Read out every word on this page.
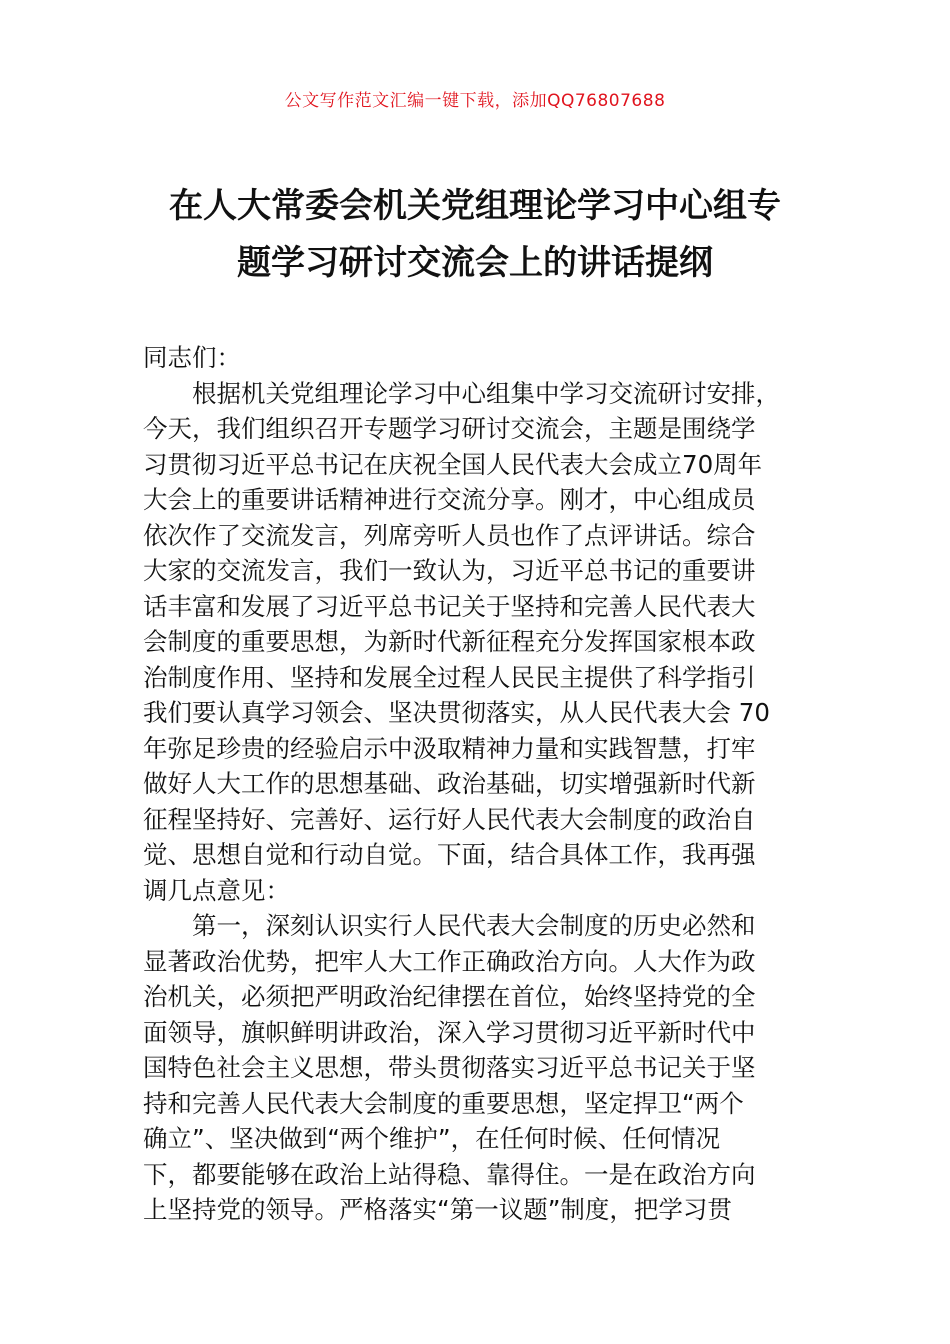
公文写作范文汇编一键下载，添加QQ76807688
在人大常委会机关党组理论学习中心组专
题学习研讨交流会上的讲话提纲
同志们：
根据机关党组理论学习中心组集中学习交流研讨安排，
今天，我们组织召开专题学习研讨交流会，主题是围绕学
习贯彻习近平总书记在庆祝全国人民代表大会成立70周年
大会上的重要讲话精神进行交流分享。刚才，中心组成员
依次作了交流发言，列席旁听人员也作了点评讲话。综合
大家的交流发言，我们一致认为，习近平总书记的重要讲
话丰富和发展了习近平总书记关于坚持和完善人民代表大
会制度的重要思想，为新时代新征程充分发挥国家根本政
治制度作用、坚持和发展全过程人民民主提供了科学指引
我们要认真学习领会、坚决贯彻落实，从人民代表大会 70
年弥足珍贵的经验启示中汲取精神力量和实践智慧，打牢
做好人大工作的思想基础、政治基础，切实增强新时代新
征程坚持好、完善好、运行好人民代表大会制度的政治自
觉、思想自觉和行动自觉。下面，结合具体工作，我再强
调几点意见：
第一，深刻认识实行人民代表大会制度的历史必然和
显著政治优势，把牢人大工作正确政治方向。人大作为政
治机关，必须把严明政治纪律摆在首位，始终坚持党的全
面领导，旗帜鲜明讲政治，深入学习贯彻习近平新时代中
国特色社会主义思想，带头贯彻落实习近平总书记关于坚
持和完善人民代表大会制度的重要思想，坚定捍卫“两个
确立”、坚决做到“两个维护”，在任何时候、任何情况
下，都要能够在政治上站得稳、靠得住。一是在政治方向
上坚持党的领导。严格落实“第一议题”制度，把学习贯
